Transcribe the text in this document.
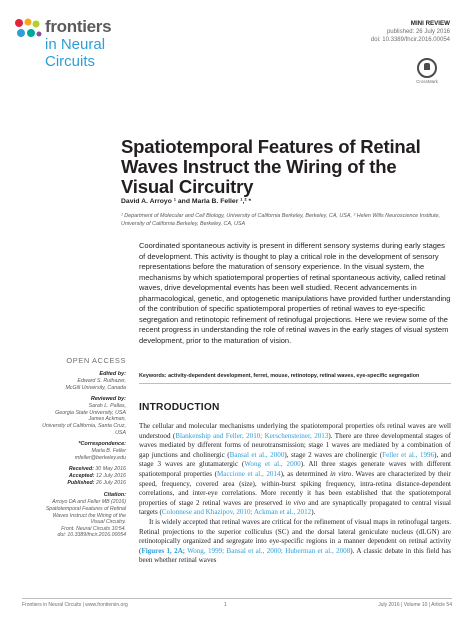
frontiers
in Neural Circuits
MINI REVIEW
published: 26 July 2016
doi: 10.3389/fncir.2016.00054
CrossMark
Spatiotemporal Features of Retinal Waves Instruct the Wiring of the Visual Circuitry
David A. Arroyo ¹ and Marla B. Feller ¹,² *
¹ Department of Molecular and Cell Biology, University of California Berkeley, Berkeley, CA, USA, ² Helen Wills Neuroscience Institute, University of California Berkeley, Berkeley, CA, USA
Coordinated spontaneous activity is present in different sensory systems during early stages of development. This activity is thought to play a critical role in the development of sensory representations before the maturation of sensory experience. In the visual system, the mechanisms by which spatiotemporal properties of retinal spontaneous activity, called retinal waves, drive developmental events has been well studied. Recent advancements in pharmacological, genetic, and optogenetic manipulations have provided further understanding of the contribution of specific spatiotemporal properties of retinal waves to eye-specific segregation and retinotopic refinement of retinofugal projections. Here we review some of the recent progress in understanding the role of retinal waves in the early stages of visual system development, prior to the maturation of vision.
Keywords: activity-dependent development, ferret, mouse, retinotopy, retinal waves, eye-specific segregation
OPEN ACCESS
Edited by:
Edward S. Ruthazer,
McGill University, Canada
Reviewed by:
Sarah L. Pallas,
Georgia State University, USA
James Ackman,
University of California, Santa Cruz,
USA
*Correspondence:
Marla B. Feller
mfeller@berkeley.edu
Received: 30 May 2016
Accepted: 12 July 2016
Published: 26 July 2016
Citation:
Arroyo DA and Feller MB (2016)
Spatiotemporal Features of Retinal
Waves Instruct the Wiring of the
Visual Circuitry.
Front. Neural Circuits 10:54.
doi: 10.3389/fncir.2016.00054
INTRODUCTION

The cellular and molecular mechanisms underlying the spatiotemporal properties ofs retinal waves are well understood (Blankenship and Feller, 2010; Kerschensteiner, 2013). There are three developmental stages of waves mediated by different forms of neurotransmission; stage 1 waves are mediated by a combination of gap junctions and cholinergic (Bansal et al., 2000), stage 2 waves are cholinergic (Feller et al., 1996), and stage 3 waves are glutamatergic (Wong et al., 2000). All three stages generate waves with different spatiotemporal properties (Maccione et al., 2014), as determined in vitro. Waves are characterized by their speed, frequency, covered area (size), within-burst spiking frequency, intra-retina distance-dependent correlations, and inter-eye correlations. More recently it has been established that the spatiotemporal properties of stage 2 retinal waves are preserved in vivo and are synaptically propagated to central visual targets (Colonnese and Khazipov, 2010; Ackman et al., 2012).

It is widely accepted that retinal waves are critical for the refinement of visual maps in retinofugal targets. Retinal projections to the superior colliculus (SC) and the dorsal lateral geniculate nucleus (dLGN) are retinotopically organized and segregate into eye-specific regions in a manner dependent on retinal activity (Figures 1, 2A; Wong, 1999; Bansal et al., 2000; Huberman et al., 2008). A classic debate in this field has been whether retinal waves

Frontiers in Neural Circuits | www.frontiersin.org	1	July 2016 | Volume 10 | Article 54
